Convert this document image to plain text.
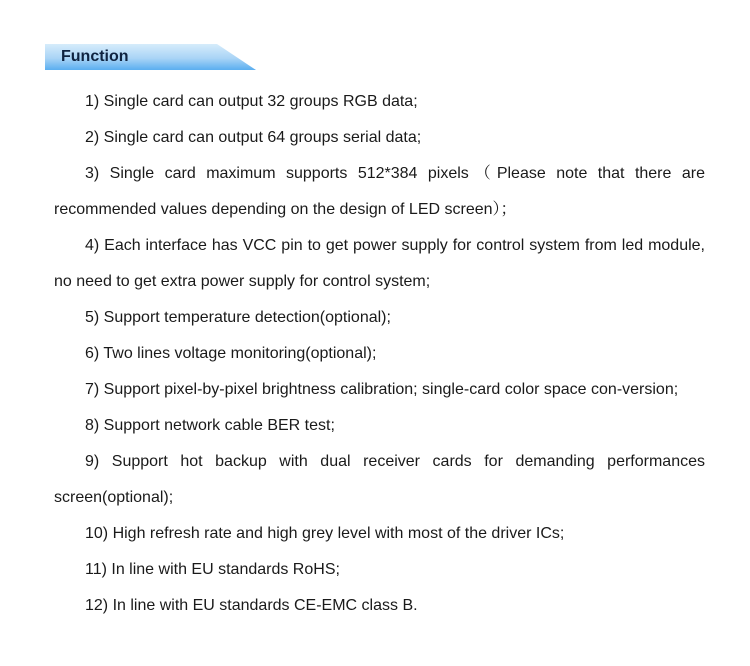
Function

1) Single card can output 32 groups RGB data;

2) Single card can output 64 groups serial data;

3) Single card maximum supports 512*384 pixels（Please note that there are recommended values depending on the design of LED screen）；

4) Each interface has VCC pin to get power supply for control system from led module, no need to get extra power supply for control system;

5) Support temperature detection(optional);

6) Two lines voltage monitoring(optional);

7) Support pixel-by-pixel brightness calibration; single-card color space con-version;

8) Support network cable BER test;

9) Support hot backup with dual receiver cards for demanding performances screen(optional);

10) High refresh rate and high grey level with most of the driver ICs;

11) In line with EU standards RoHS;

12) In line with EU standards CE-EMC class B.
